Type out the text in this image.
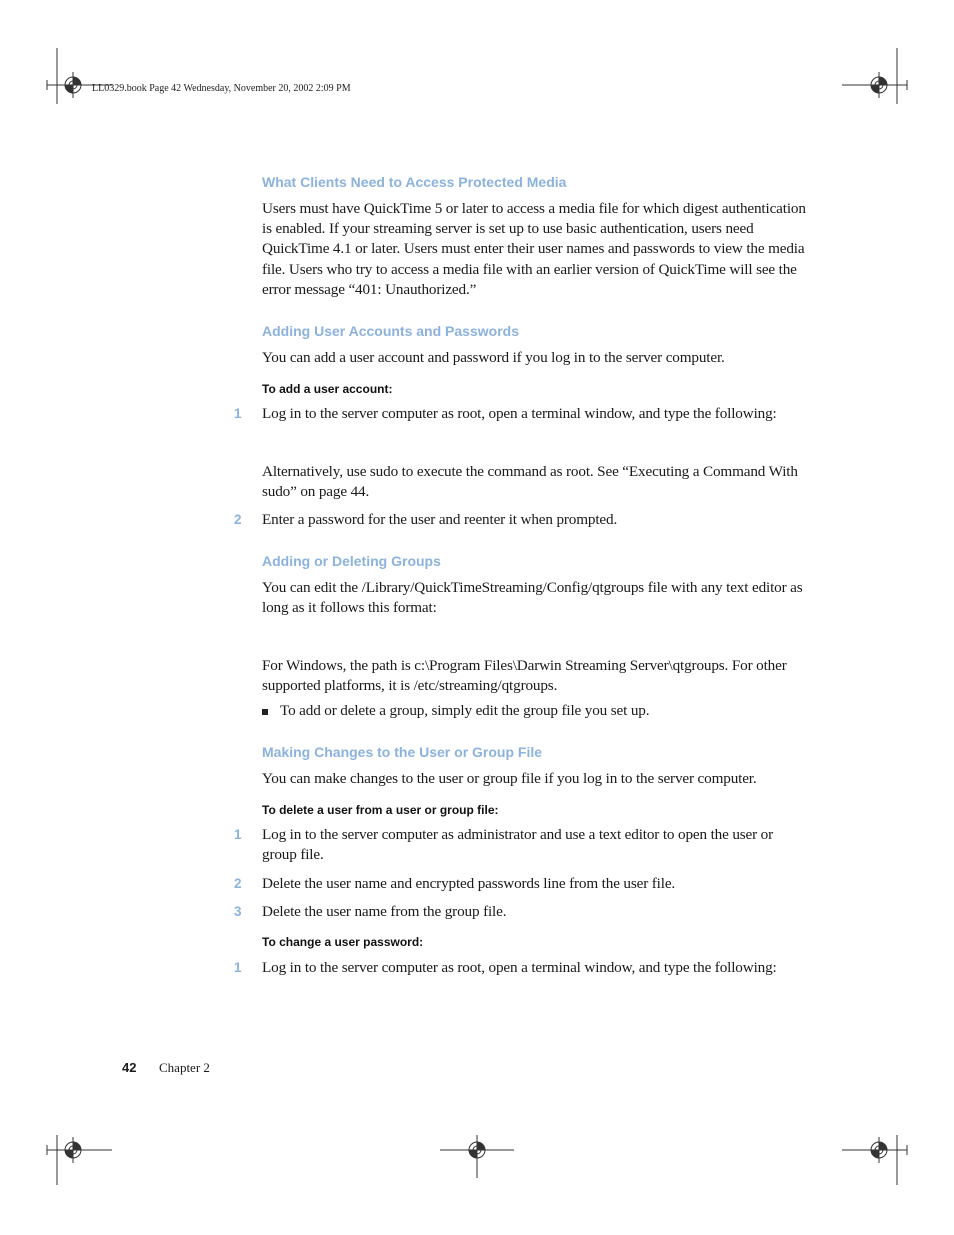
LL0329.book Page 42 Wednesday, November 20, 2002 2:09 PM
What Clients Need to Access Protected Media
Users must have QuickTime 5 or later to access a media file for which digest authentication is enabled. If your streaming server is set up to use basic authentication, users need QuickTime 4.1 or later. Users must enter their user names and passwords to view the media file. Users who try to access a media file with an earlier version of QuickTime will see the error message “401: Unauthorized.”
Adding User Accounts and Passwords
You can add a user account and password if you log in to the server computer.
To add a user account:
1 Log in to the server computer as root, open a terminal window, and type the following:
Alternatively, use sudo to execute the command as root. See “Executing a Command With sudo” on page 44.
2 Enter a password for the user and reenter it when prompted.
Adding or Deleting Groups
You can edit the /Library/QuickTimeStreaming/Config/qtgroups file with any text editor as long as it follows this format:
For Windows, the path is c:\Program Files\Darwin Streaming Server\qtgroups. For other supported platforms, it is /etc/streaming/qtgroups.
To add or delete a group, simply edit the group file you set up.
Making Changes to the User or Group File
You can make changes to the user or group file if you log in to the server computer.
To delete a user from a user or group file:
1 Log in to the server computer as administrator and use a text editor to open the user or group file.
2 Delete the user name and encrypted passwords line from the user file.
3 Delete the user name from the group file.
To change a user password:
1 Log in to the server computer as root, open a terminal window, and type the following:
42 Chapter 2
